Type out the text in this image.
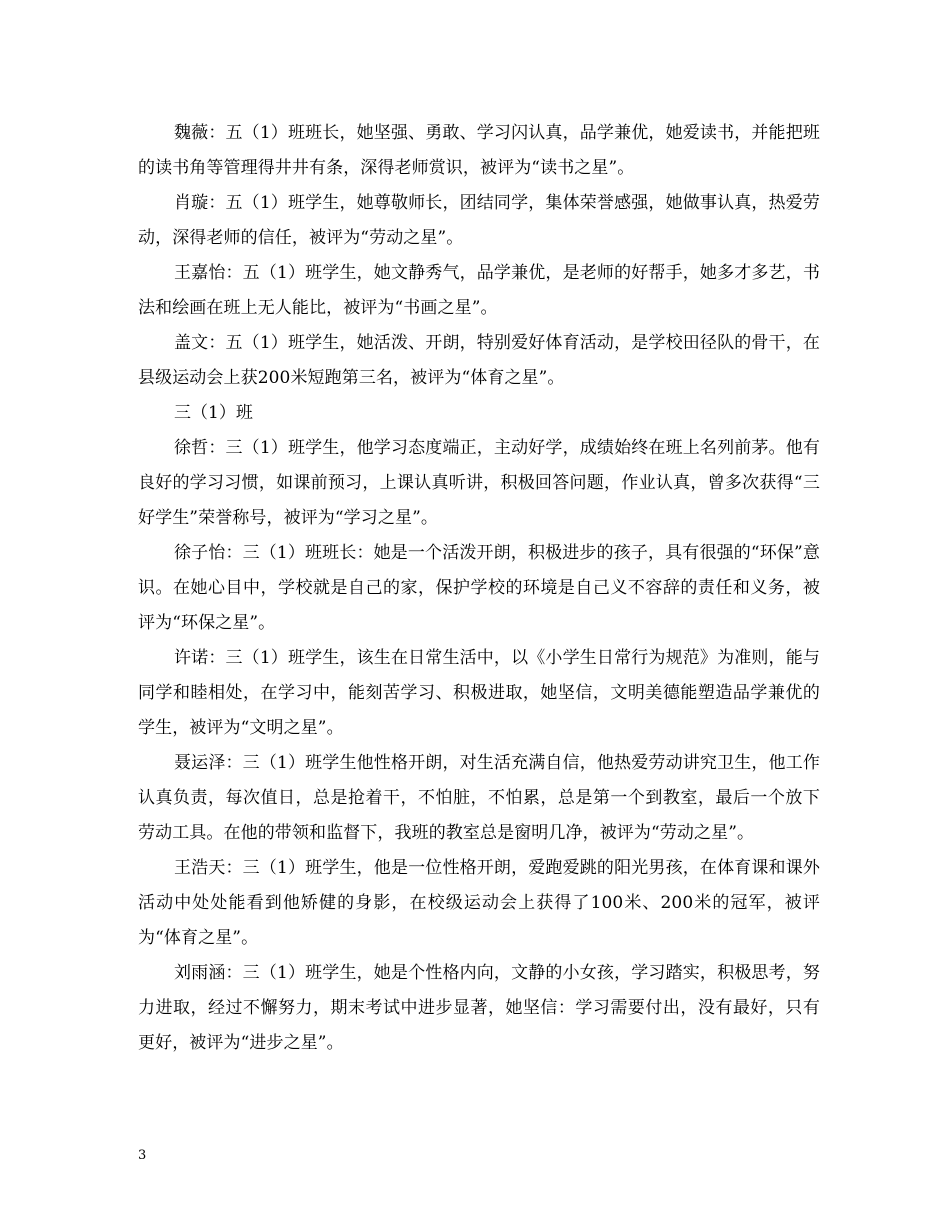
魏薇：五（1）班班长，她坚强、勇敢、学习闪认真，品学兼优，她爱读书，并能把班的读书角等管理得井井有条，深得老师赏识，被评为“读书之星”。

肖璇：五（1）班学生，她尊敬师长，团结同学，集体荣誉感强，她做事认真，热爱劳动，深得老师的信任，被评为“劳动之星”。

王嘉怡：五（1）班学生，她文静秀气，品学兼优，是老师的好帮手，她多才多艺，书法和绘画在班上无人能比，被评为“书画之星”。

盖文：五（1）班学生，她活泼、开朗，特别爱好体育活动，是学校田径队的骨干，在县级运动会上获200米短跑第三名，被评为“体育之星”。

三（1）班

徐哲：三（1）班学生，他学习态度端正，主动好学，成绩始终在班上名列前茅。他有良好的学习习惯，如课前预习，上课认真听讲，积极回答问题，作业认真，曾多次获得“三好学生”荣誉称号，被评为“学习之星”。

徐子怡：三（1）班班长：她是一个活泼开朗，积极进步的孩子，具有很强的“环保”意识。在她心目中，学校就是自己的家，保护学校的环境是自己义不容辞的责任和义务，被评为“环保之星”。

许诺：三（1）班学生，该生在日常生活中，以《小学生日常行为规范》为准则，能与同学和睦相处，在学习中，能刻苦学习、积极进取，她坚信，文明美德能塑造品学兼优的学生，被评为“文明之星”。

聂运泽：三（1）班学生他性格开朗，对生活充满自信，他热爱劳动讲究卫生，他工作认真负责，每次值日，总是抢着干，不怕脏，不怕累，总是第一个到教室，最后一个放下劳动工具。在他的带领和监督下，我班的教室总是窗明几净，被评为“劳动之星”。

王浩天：三（1）班学生，他是一位性格开朗，爱跑爱跳的阳光男孩，在体育课和课外活动中处处能看到他矫健的身影，在校级运动会上获得了100米、200米的冠军，被评为“体育之星”。

刘雨涵：三（1）班学生，她是个性格内向，文静的小女孩，学习踏实，积极思考，努力进取，经过不懈努力，期末考试中进步显著，她坚信：学习需要付出，没有最好，只有更好，被评为“进步之星”。

3
